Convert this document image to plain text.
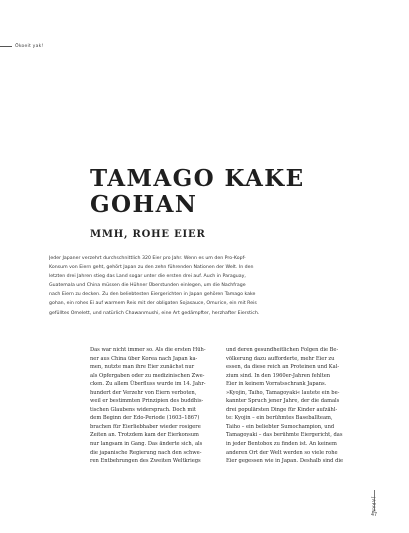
Ökoeit yak!
TAMAGO KAKE
GOHAN
MMH, ROHE EIER
Jeder Japaner verzehrt durchschnittlich 320 Eier pro Jahr. Wenn es um den Pro-Kopf-
Konsum von Eiern geht, gehört Japan zu den zehn führenden Nationen der Welt. In den
letzten drei Jahren stieg das Land sogar unter die ersten drei auf. Auch in Paraguay,
Guatemala und China müssen die Hühner Überstunden einlegen, um die Nachfrage
nach Eiern zu decken. Zu den beliebtesten Eiergerichten in Japan gehören Tamago kake
gohan, ein rohes Ei auf warmem Reis mit der obligaten Sojasauce, Omurice, ein mit Reis
gefülltes Omelett, und natürlich Chawanmushi, eine Art gedämpfter, herzhafter Eierstich.
Das war nicht immer so. Als die ersten Hüh-
ner aus China über Korea nach Japan ka-
men, nutzte man ihre Eier zunächst nur
als Opfergaben oder zu medizinischen Zwe-
cken. Zu allem Überfluss wurde im 14. Jahr-
hundert der Verzehr von Eiern verboten,
weil er bestimmten Prinzipien des buddhis-
tischen Glaubens widersprach. Doch mit
dem Beginn der Edo-Periode (1603–1867)
brachen für Eierliebhaber wieder rosigere
Zeiten an. Trotzdem kam der Eierkonsum
nur langsam in Gang. Das änderte sich, als
die japanische Regierung nach den schwe-
ren Entbehrungen des Zweiten Weltkriegs
und deren gesundheitlichen Folgen die Be-
völkerung dazu aufforderte, mehr Eier zu
essen, da diese reich an Proteinen und Kal-
zium sind. In den 1960er-Jahren fehlten
Eier in keinem Vorratsschrank Japans.
»Kyojin, Taiho, Tamagoyaki« lautete ein be-
kannter Spruch jener Jahre, der die damals
drei populärsten Dinge für Kinder aufzähl-
te: Kyojin – ein berühmtes Baseballteam,
Taiho – ein beliebter Sumochampion, und
Tamagoyaki – das berühmte Eiergericht, das
in jeder Bentobox zu finden ist. An keinem
anderen Ort der Welt werden so viele rohe
Eier gegessen wie in Japan. Deshalb sind die
JAPAN
47
